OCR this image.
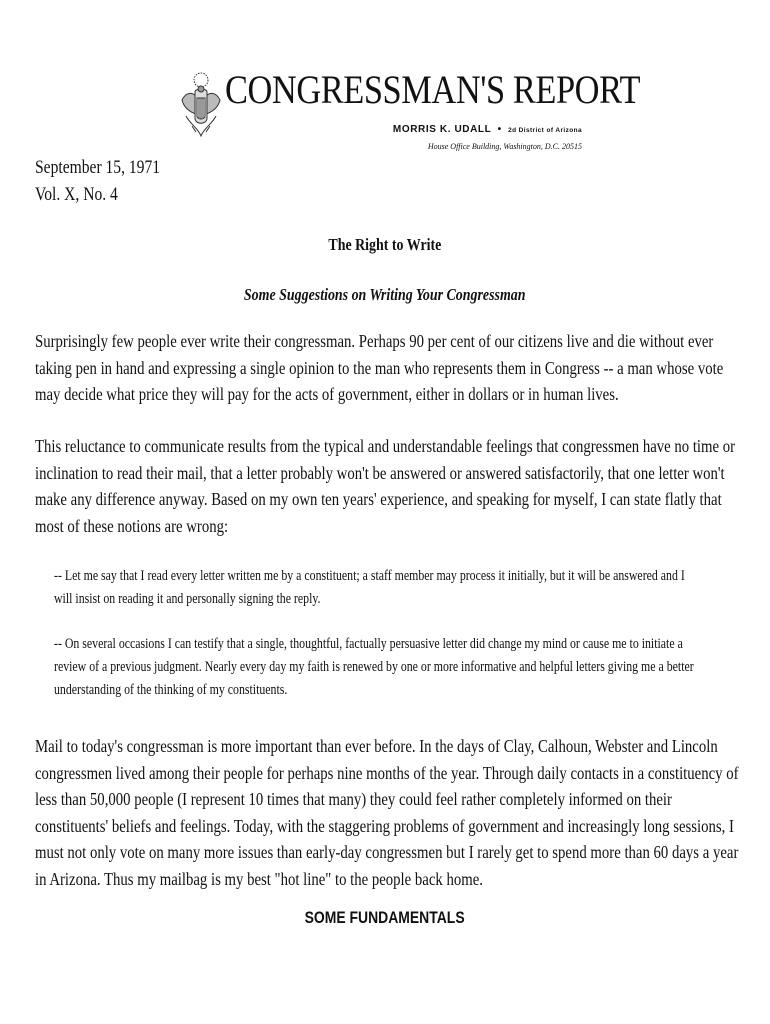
CONGRESSMAN'S REPORT
MORRIS K. UDALL • 2d District of Arizona
House Office Building, Washington, D.C. 20515
September 15, 1971
Vol. X, No. 4
The Right to Write
Some Suggestions on Writing Your Congressman

Surprisingly few people ever write their congressman. Perhaps 90 per cent of our citizens live and die without ever taking pen in hand and expressing a single opinion to the man who represents them in Congress -- a man whose vote may decide what price they will pay for the acts of government, either in dollars or in human lives.

This reluctance to communicate results from the typical and understandable feelings that congressmen have no time or inclination to read their mail, that a letter probably won't be answered or answered satisfactorily, that one letter won't make any difference anyway. Based on my own ten years' experience, and speaking for myself, I can state flatly that most of these notions are wrong:

-- Let me say that I read every letter written me by a constituent; a staff member may process it initially, but it will be answered and I will insist on reading it and personally signing the reply.

-- On several occasions I can testify that a single, thoughtful, factually persuasive letter did change my mind or cause me to initiate a review of a previous judgment. Nearly every day my faith is renewed by one or more informative and helpful letters giving me a better understanding of the thinking of my constituents.

Mail to today's congressman is more important than ever before. In the days of Clay, Calhoun, Webster and Lincoln congressmen lived among their people for perhaps nine months of the year. Through daily contacts in a constituency of less than 50,000 people (I represent 10 times that many) they could feel rather completely informed on their constituents' beliefs and feelings. Today, with the staggering problems of government and increasingly long sessions, I must not only vote on many more issues than early-day congressmen but I rarely get to spend more than 60 days a year in Arizona. Thus my mailbag is my best "hot line" to the people back home.

SOME FUNDAMENTALS
